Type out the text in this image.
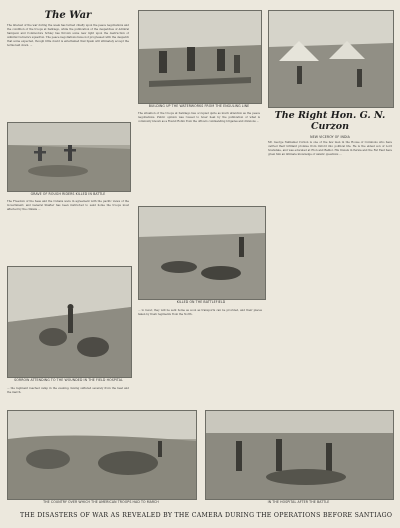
The War

The interest of the war during the week has turned chiefly upon the peace negotiations and the condition of the troops at Santiago, while the publication of the despatches of Admiral Sampson and Commodore Schley has thrown some new light upon the destruction of Admiral Cervera's squadron. The peace negotiations have not progressed with the despatch that some expected, though little doubt is entertained that Spain will ultimately accept the terms laid down. ...

GRAVE OF ROUGH RIDERS KILLED IN BATTLE

The Freedom of the Seas and the Cubans were in agreement with the pacific views of the Government; and General Shafter has been instructed to send home the troops most affected by the climate ...

SORROW ATTENDING TO THE WOUNDED IN THE FIELD HOSPITAL

... the regiment reached camp in the evening, having suffered severely from the heat and the march.

BUILDING UP THE WATERWORKS FROM THE ENGULING LINE

The situation of the troops at Santiago has occupied quite as much attention as the peace negotiations. Public opinion was roused to fever heat by the publication of what is commonly known as a Round Robin from the officers commanding brigades and divisions ...

KILLED ON THE BATTLEFIELD

... to fever, they will be sent home as soon as transports can be provided, and their places taken by fresh regiments from the North.

The Right Hon. G. N. Curzon
NEW VICEROY OF INDIA

Mr. George Nathaniel Curzon is one of the few men in the House of Commons who have carried their brilliant promise from Oxford into political life. He is the eldest son of Lord Scarsdale, and was educated at Eton and Balliol. His travels in Persia and the Far East have given him an intimate knowledge of Asiatic questions ...

THE COUNTRY OVER WHICH THE AMERICAN TROOPS HAD TO MARCH	IN THE HOSPITAL AFTER THE BATTLE
THE DISASTERS OF WAR AS REVEALED BY THE CAMERA DURING THE OPERATIONS BEFORE SANTIAGO
